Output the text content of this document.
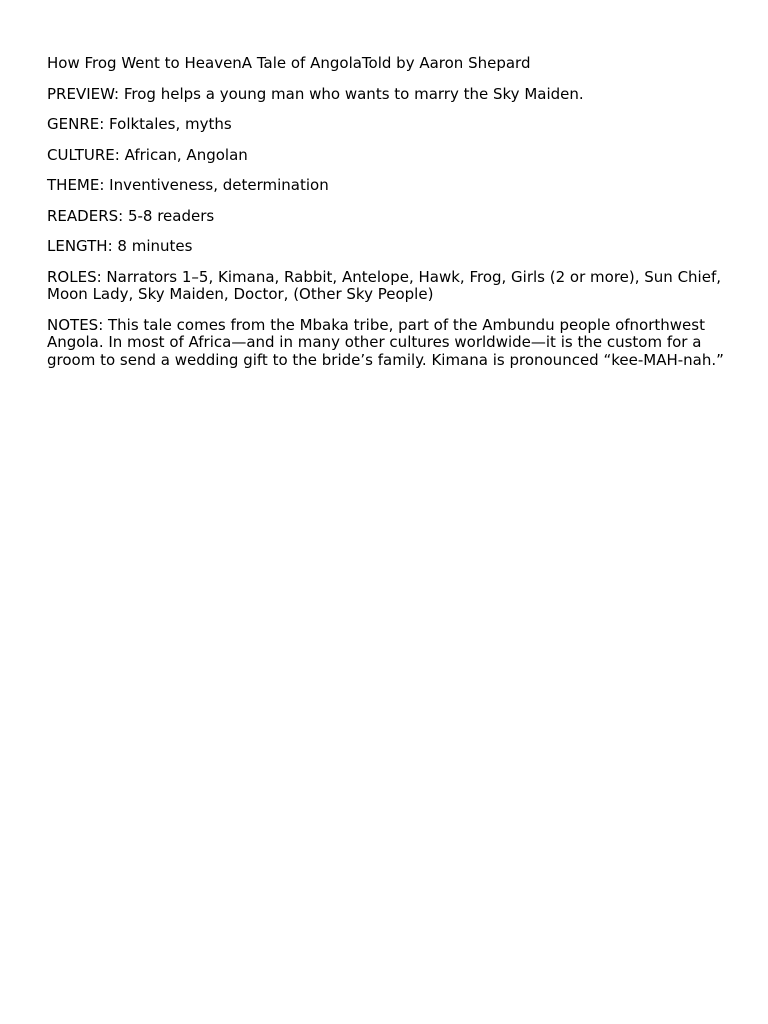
How Frog Went to HeavenA Tale of AngolaTold by Aaron Shepard

PREVIEW: Frog helps a young man who wants to marry the Sky Maiden.

GENRE: Folktales, myths

CULTURE: African, Angolan

THEME: Inventiveness, determination

READERS: 5-8 readers

LENGTH: 8 minutes

ROLES: Narrators 1–5, Kimana, Rabbit, Antelope, Hawk, Frog, Girls (2 or more), Sun Chief, Moon Lady, Sky Maiden, Doctor, (Other Sky People)

NOTES: This tale comes from the Mbaka tribe, part of the Ambundu people ofnorthwest Angola. In most of Africa—and in many other cultures worldwide—it is the custom for a groom to send a wedding gift to the bride’s family. Kimana is pronounced “kee-MAH-nah.”
